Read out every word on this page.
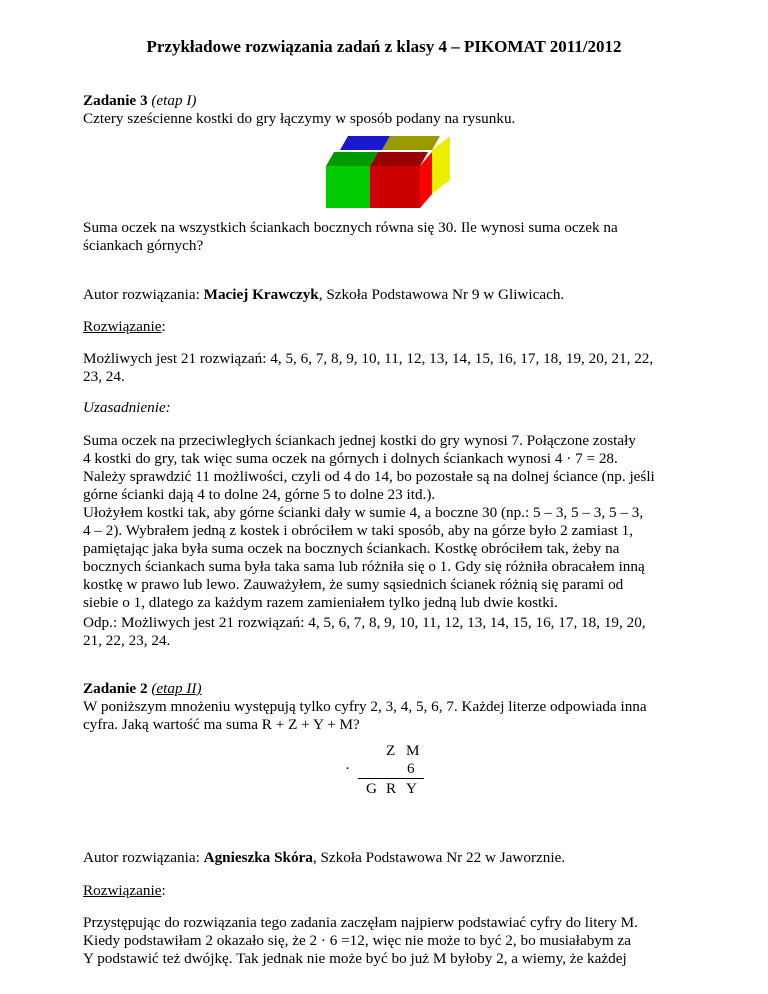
Przykładowe rozwiązania zadań z klasy 4 – PIKOMAT 2011/2012

Zadanie 3 (etap I)
Cztery sześcienne kostki do gry łączymy w sposób podany na rysunku.

Suma oczek na wszystkich ściankach bocznych równa się 30. Ile wynosi suma oczek na
ściankach górnych?

Autor rozwiązania: Maciej Krawczyk, Szkoła Podstawowa Nr 9 w Gliwicach.

Rozwiązanie:

Możliwych jest 21 rozwiązań: 4, 5, 6, 7, 8, 9, 10, 11, 12, 13, 14, 15, 16, 17, 18, 19, 20, 21, 22,
23, 24.

Uzasadnienie:

Suma oczek na przeciwległych ściankach jednej kostki do gry wynosi 7. Połączone zostały
4 kostki do gry, tak więc suma oczek na górnych i dolnych ściankach wynosi 4 · 7 = 28.
Należy sprawdzić 11 możliwości, czyli od 4 do 14, bo pozostałe są na dolnej ściance (np. jeśli
górne ścianki dają 4 to dolne 24, górne 5 to dolne 23 itd.).
Ułożyłem kostki tak, aby górne ścianki dały w sumie 4, a boczne 30 (np.: 5 – 3, 5 – 3, 5 – 3,
4 – 2). Wybrałem jedną z kostek i obróciłem w taki sposób, aby na górze było 2 zamiast 1,
pamiętając jaka była suma oczek na bocznych ściankach. Kostkę obróciłem tak, żeby na
bocznych ściankach suma była taka sama lub różniła się o 1. Gdy się różniła obracałem inną
kostkę w prawo lub lewo. Zauważyłem, że sumy sąsiednich ścianek różnią się parami od
siebie o 1, dlatego za każdym razem zamieniałem tylko jedną lub dwie kostki.

Odp.: Możliwych jest 21 rozwiązań: 4, 5, 6, 7, 8, 9, 10, 11, 12, 13, 14, 15, 16, 17, 18, 19, 20,
21, 22, 23, 24.

Zadanie 2 (etap II)
W poniższym mnożeniu występują tylko cyfry 2, 3, 4, 5, 6, 7. Każdej literze odpowiada inna
cyfra. Jaką wartość ma suma R + Z + Y + M?

Z M
·	6
G R Y

Autor rozwiązania: Agnieszka Skóra, Szkoła Podstawowa Nr 22 w Jaworznie.

Rozwiązanie:

Przystępując do rozwiązania tego zadania zaczęłam najpierw podstawiać cyfry do litery M.
Kiedy podstawiłam 2 okazało się, że 2 · 6 =12, więc nie może to być 2, bo musiałabym za
Y podstawić też dwójkę. Tak jednak nie może być bo już M byłoby 2, a wiemy, że każdej
